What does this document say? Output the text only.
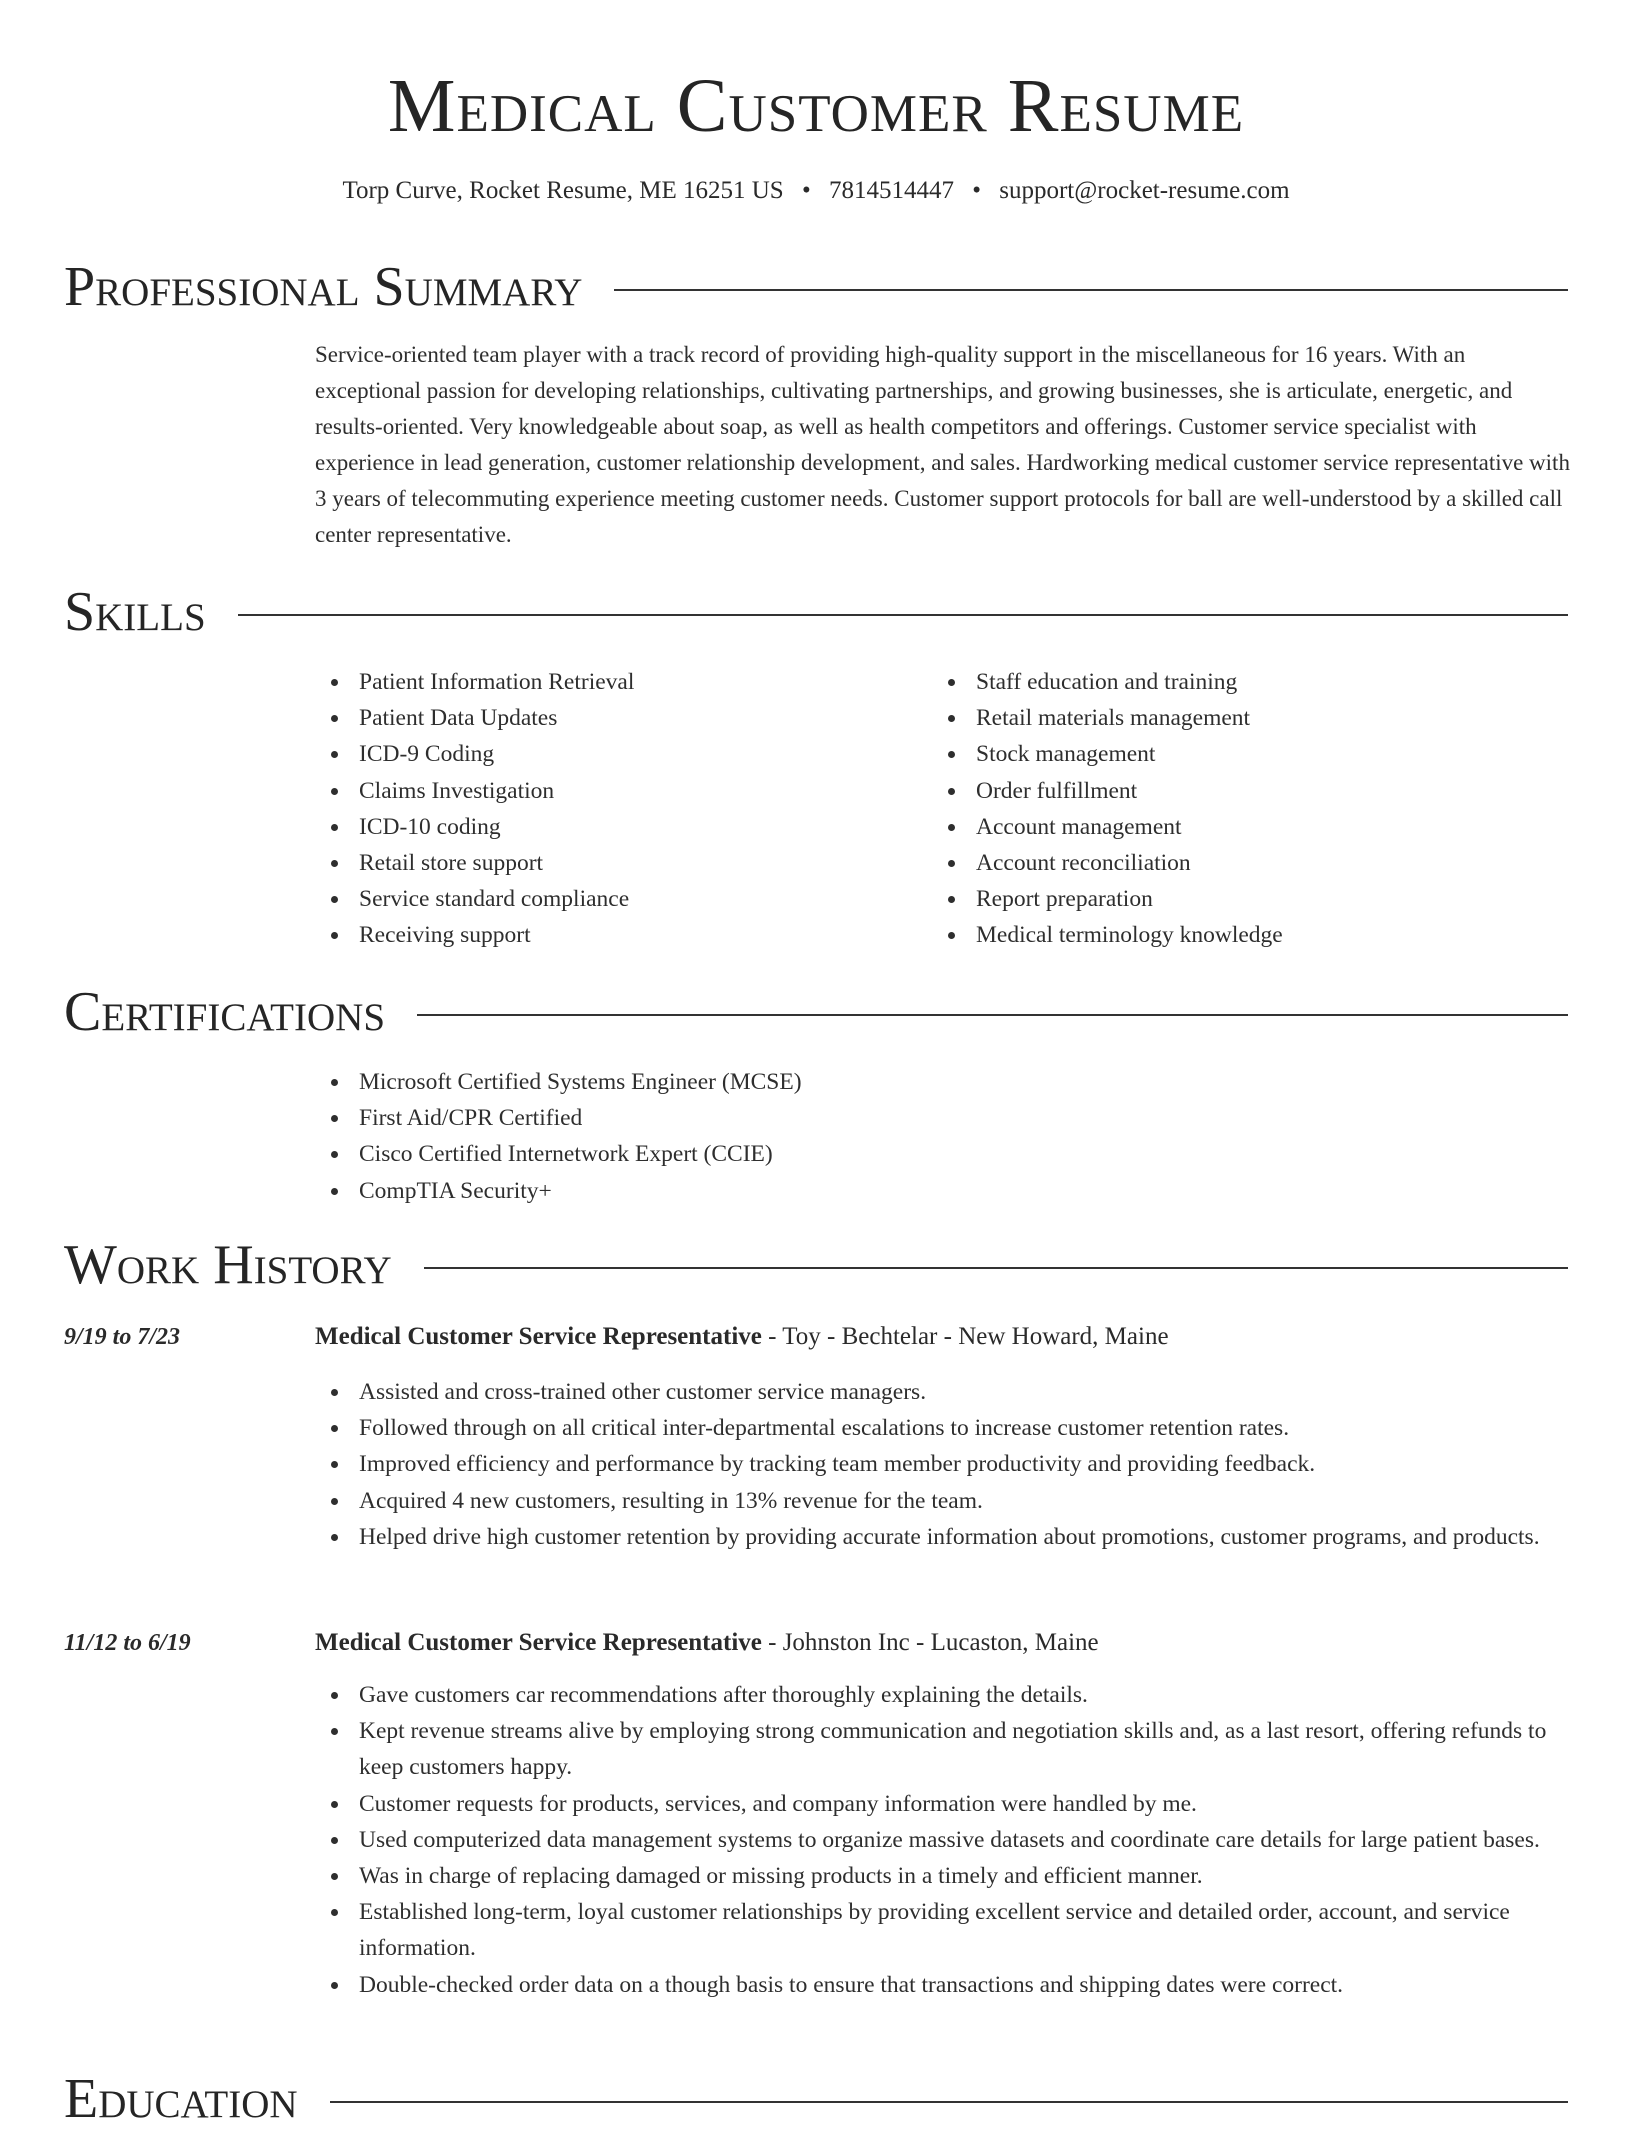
Medical Customer Resume
Torp Curve, Rocket Resume, ME 16251 US • 7814514447 • support@rocket-resume.com
Professional Summary

Service-oriented team player with a track record of providing high-quality support in the miscellaneous for 16 years. With an exceptional passion for developing relationships, cultivating partnerships, and growing businesses, she is articulate, energetic, and results-oriented. Very knowledgeable about soap, as well as health competitors and offerings. Customer service specialist with experience in lead generation, customer relationship development, and sales. Hardworking medical customer service representative with 3 years of telecommuting experience meeting customer needs. Customer support protocols for ball are well-understood by a skilled call center representative.

Skills
Patient Information Retrieval
Patient Data Updates
ICD-9 Coding
Claims Investigation
ICD-10 coding
Retail store support
Service standard compliance
Receiving support
Staff education and training
Retail materials management
Stock management
Order fulfillment
Account management
Account reconciliation
Report preparation
Medical terminology knowledge
Certifications
Microsoft Certified Systems Engineer (MCSE)
First Aid/CPR Certified
Cisco Certified Internetwork Expert (CCIE)
CompTIA Security+
Work History
9/19 to 7/23	Medical Customer Service Representative - Toy - Bechtelar - New Howard, Maine
Assisted and cross-trained other customer service managers.
Followed through on all critical inter-departmental escalations to increase customer retention rates.
Improved efficiency and performance by tracking team member productivity and providing feedback.
Acquired 4 new customers, resulting in 13% revenue for the team.
Helped drive high customer retention by providing accurate information about promotions, customer programs, and products.
11/12 to 6/19	Medical Customer Service Representative - Johnston Inc - Lucaston, Maine
Gave customers car recommendations after thoroughly explaining the details.
Kept revenue streams alive by employing strong communication and negotiation skills and, as a last resort, offering refunds to keep customers happy.
Customer requests for products, services, and company information were handled by me.
Used computerized data management systems to organize massive datasets and coordinate care details for large patient bases.
Was in charge of replacing damaged or missing products in a timely and efficient manner.
Established long-term, loyal customer relationships by providing excellent service and detailed order, account, and service information.
Double-checked order data on a though basis to ensure that transactions and shipping dates were correct.
Education
